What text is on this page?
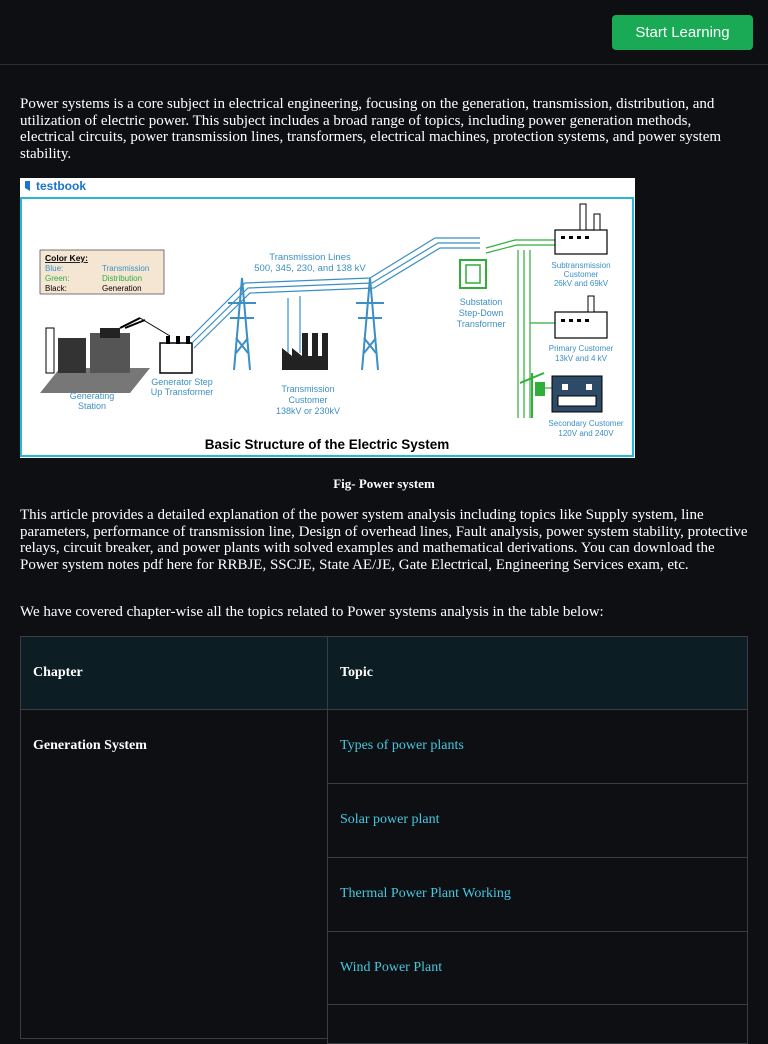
Start Learning

Power systems is a core subject in electrical engineering, focusing on the generation, transmission, distribution, and utilization of electric power. This subject includes a broad range of topics, including power generation methods, electrical circuits, power transmission lines, transformers, electrical machines, protection systems, and power system stability.

testbook
Color Key:
Blue:	Transmission
Green:	Distribution
Black:	Generation
Generator Step
Up Transformer
Generating
Station
Transmission Lines
500, 345, 230, and 138 kV
Transmission
Customer
138kV or 230kV
Substation
Step-Down
Transformer
Subtransmission
Customer
26kV and 69kV
Primary Customer
13kV and 4 kV
Secondary Customer
120V and 240V
Basic Structure of the Electric System
Fig- Power system

This article provides a detailed explanation of the power system analysis including topics like Supply system, line parameters, performance of transmission line, Design of overhead lines, Fault analysis, power system stability, protective relays, circuit breaker, and power plants with solved examples and mathematical derivations. You can download the Power system notes pdf here for RRBJE, SSCJE, State AE/JE, Gate Electrical, Engineering Services exam, etc.

We have covered chapter-wise all the topics related to Power systems analysis in the table below:

Chapter	Topic
Generation System	Types of power plants
Solar power plant
Thermal Power Plant Working
Wind Power Plant
